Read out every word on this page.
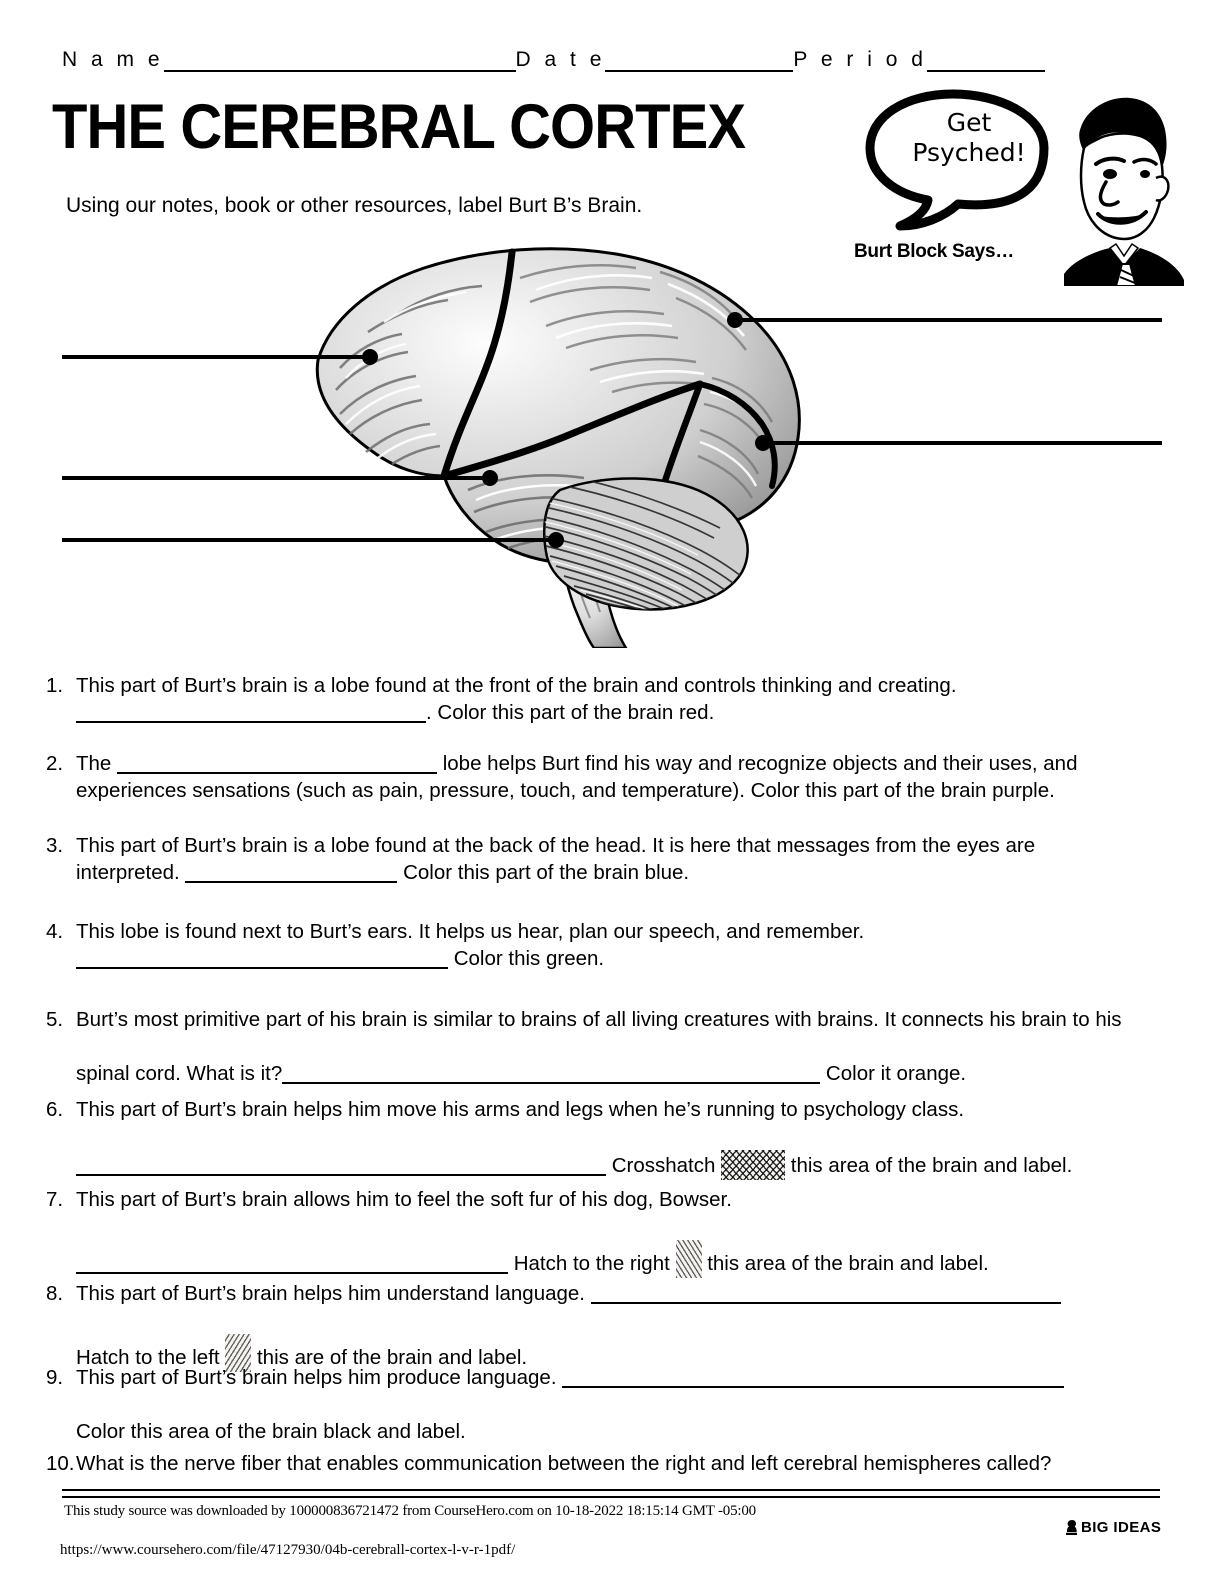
N a m e	D a t e	P e r i o d
THE CEREBRAL CORTEX
Using our notes, book or other resources, label Burt B’s Brain.
Get
Psyched!
Burt Block Says…
1. This part of Burt’s brain is a lobe found at the front of the brain and controls thinking and creating.
. Color this part of the brain red.
2. The	lobe helps Burt find his way and recognize objects and their uses, and
experiences sensations (such as pain, pressure, touch, and temperature). Color this part of the brain purple.
3. This part of Burt’s brain is a lobe found at the back of the head. It is here that messages from the eyes are
interpreted.	Color this part of the brain blue.
4. This lobe is found next to Burt’s ears. It helps us hear, plan our speech, and remember.
Color this green.
5. Burt’s most primitive part of his brain is similar to brains of all living creatures with brains. It connects his brain to his

spinal cord. What is it?	Color it orange.
6. This part of Burt’s brain helps him move his arms and legs when he’s running to psychology class.

Crosshatch	this area of the brain and label.
7. This part of Burt’s brain allows him to feel the soft fur of his dog, Bowser.

Hatch to the right  this area of the brain and label.
8. This part of Burt’s brain helps him understand language.

Hatch to the left  this are of the brain and label.
9. This part of Burt’s brain helps him produce language.

Color this area of the brain black and label.
10. What is the nerve fiber that enables communication between the right and left cerebral hemispheres called?
This study source was downloaded by 100000836721472 from CourseHero.com on 10-18-2022 18:15:14 GMT -05:00
https://www.coursehero.com/file/47127930/04b-cerebrall-cortex-l-v-r-1pdf/
BIG IDEAS
